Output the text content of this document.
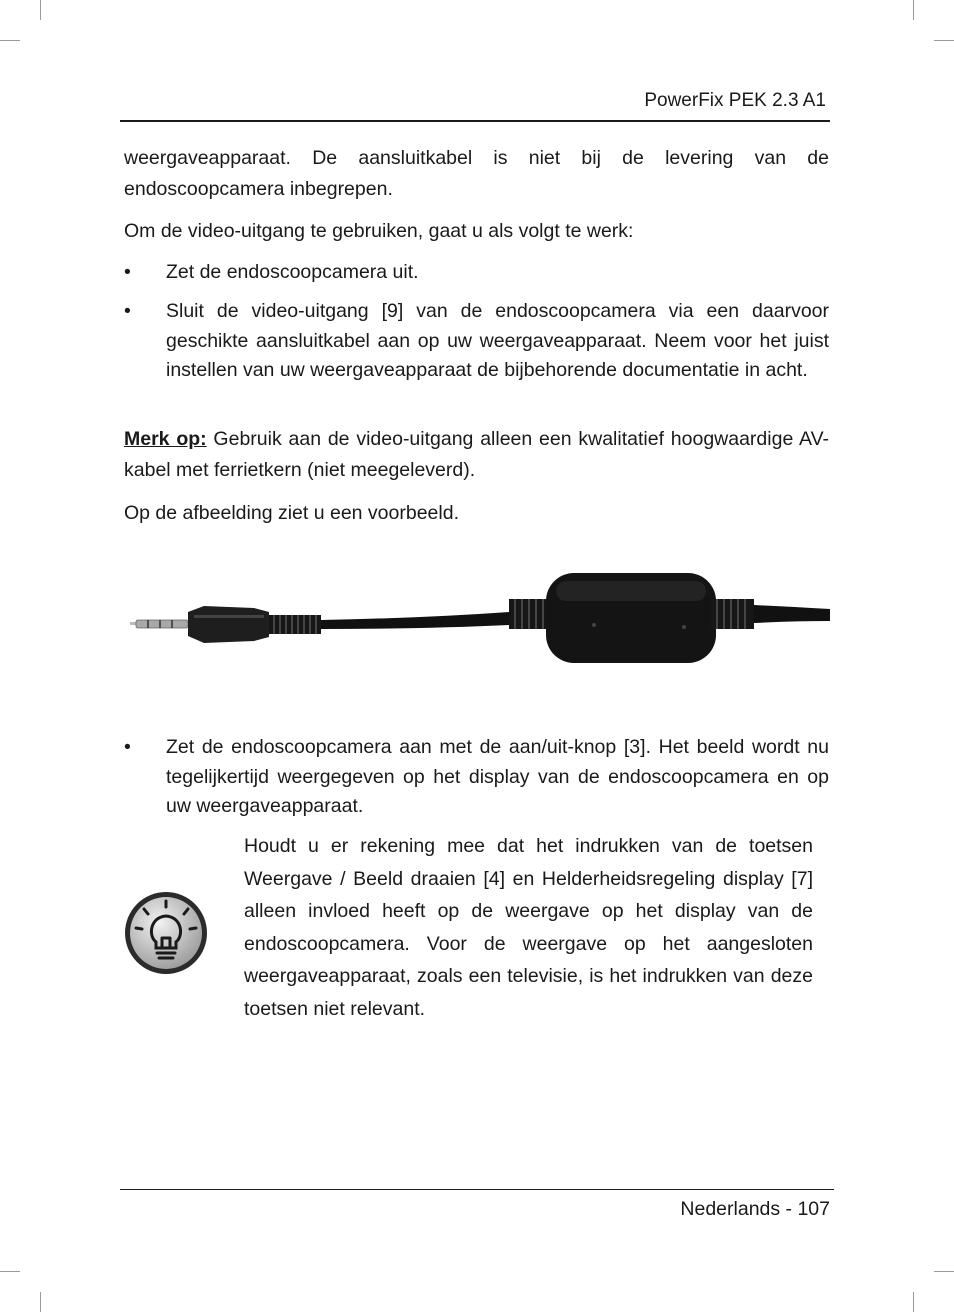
PowerFix PEK 2.3 A1

weergaveapparaat. De aansluitkabel is niet bij de levering van de endoscoopcamera inbegrepen.

Om de video-uitgang te gebruiken, gaat u als volgt te werk:

•	Zet de endoscoopcamera uit.
•	Sluit de video-uitgang [9] van de endoscoopcamera via een daarvoor geschikte aansluitkabel aan op uw weergaveapparaat. Neem voor het juist instellen van uw weergaveapparaat de bijbehorende documentatie in acht.

Merk op: Gebruik aan de video-uitgang alleen een kwalitatief hoogwaardige AV-kabel met ferrietkern (niet meegeleverd).

Op de afbeelding ziet u een voorbeeld.

•	Zet de endoscoopcamera aan met de aan/uit-knop [3]. Het beeld wordt nu tegelijkertijd weergegeven op het display van de endoscoopcamera en op uw weergaveapparaat.
Houdt u er rekening mee dat het indrukken van de toetsen Weergave / Beeld draaien [4] en Helderheidsregeling display [7] alleen invloed heeft op de weergave op het display van de endoscoopcamera. Voor de weergave op het aangesloten weergaveapparaat, zoals een televisie, is het indrukken van deze toetsen niet relevant.
Nederlands - 107
